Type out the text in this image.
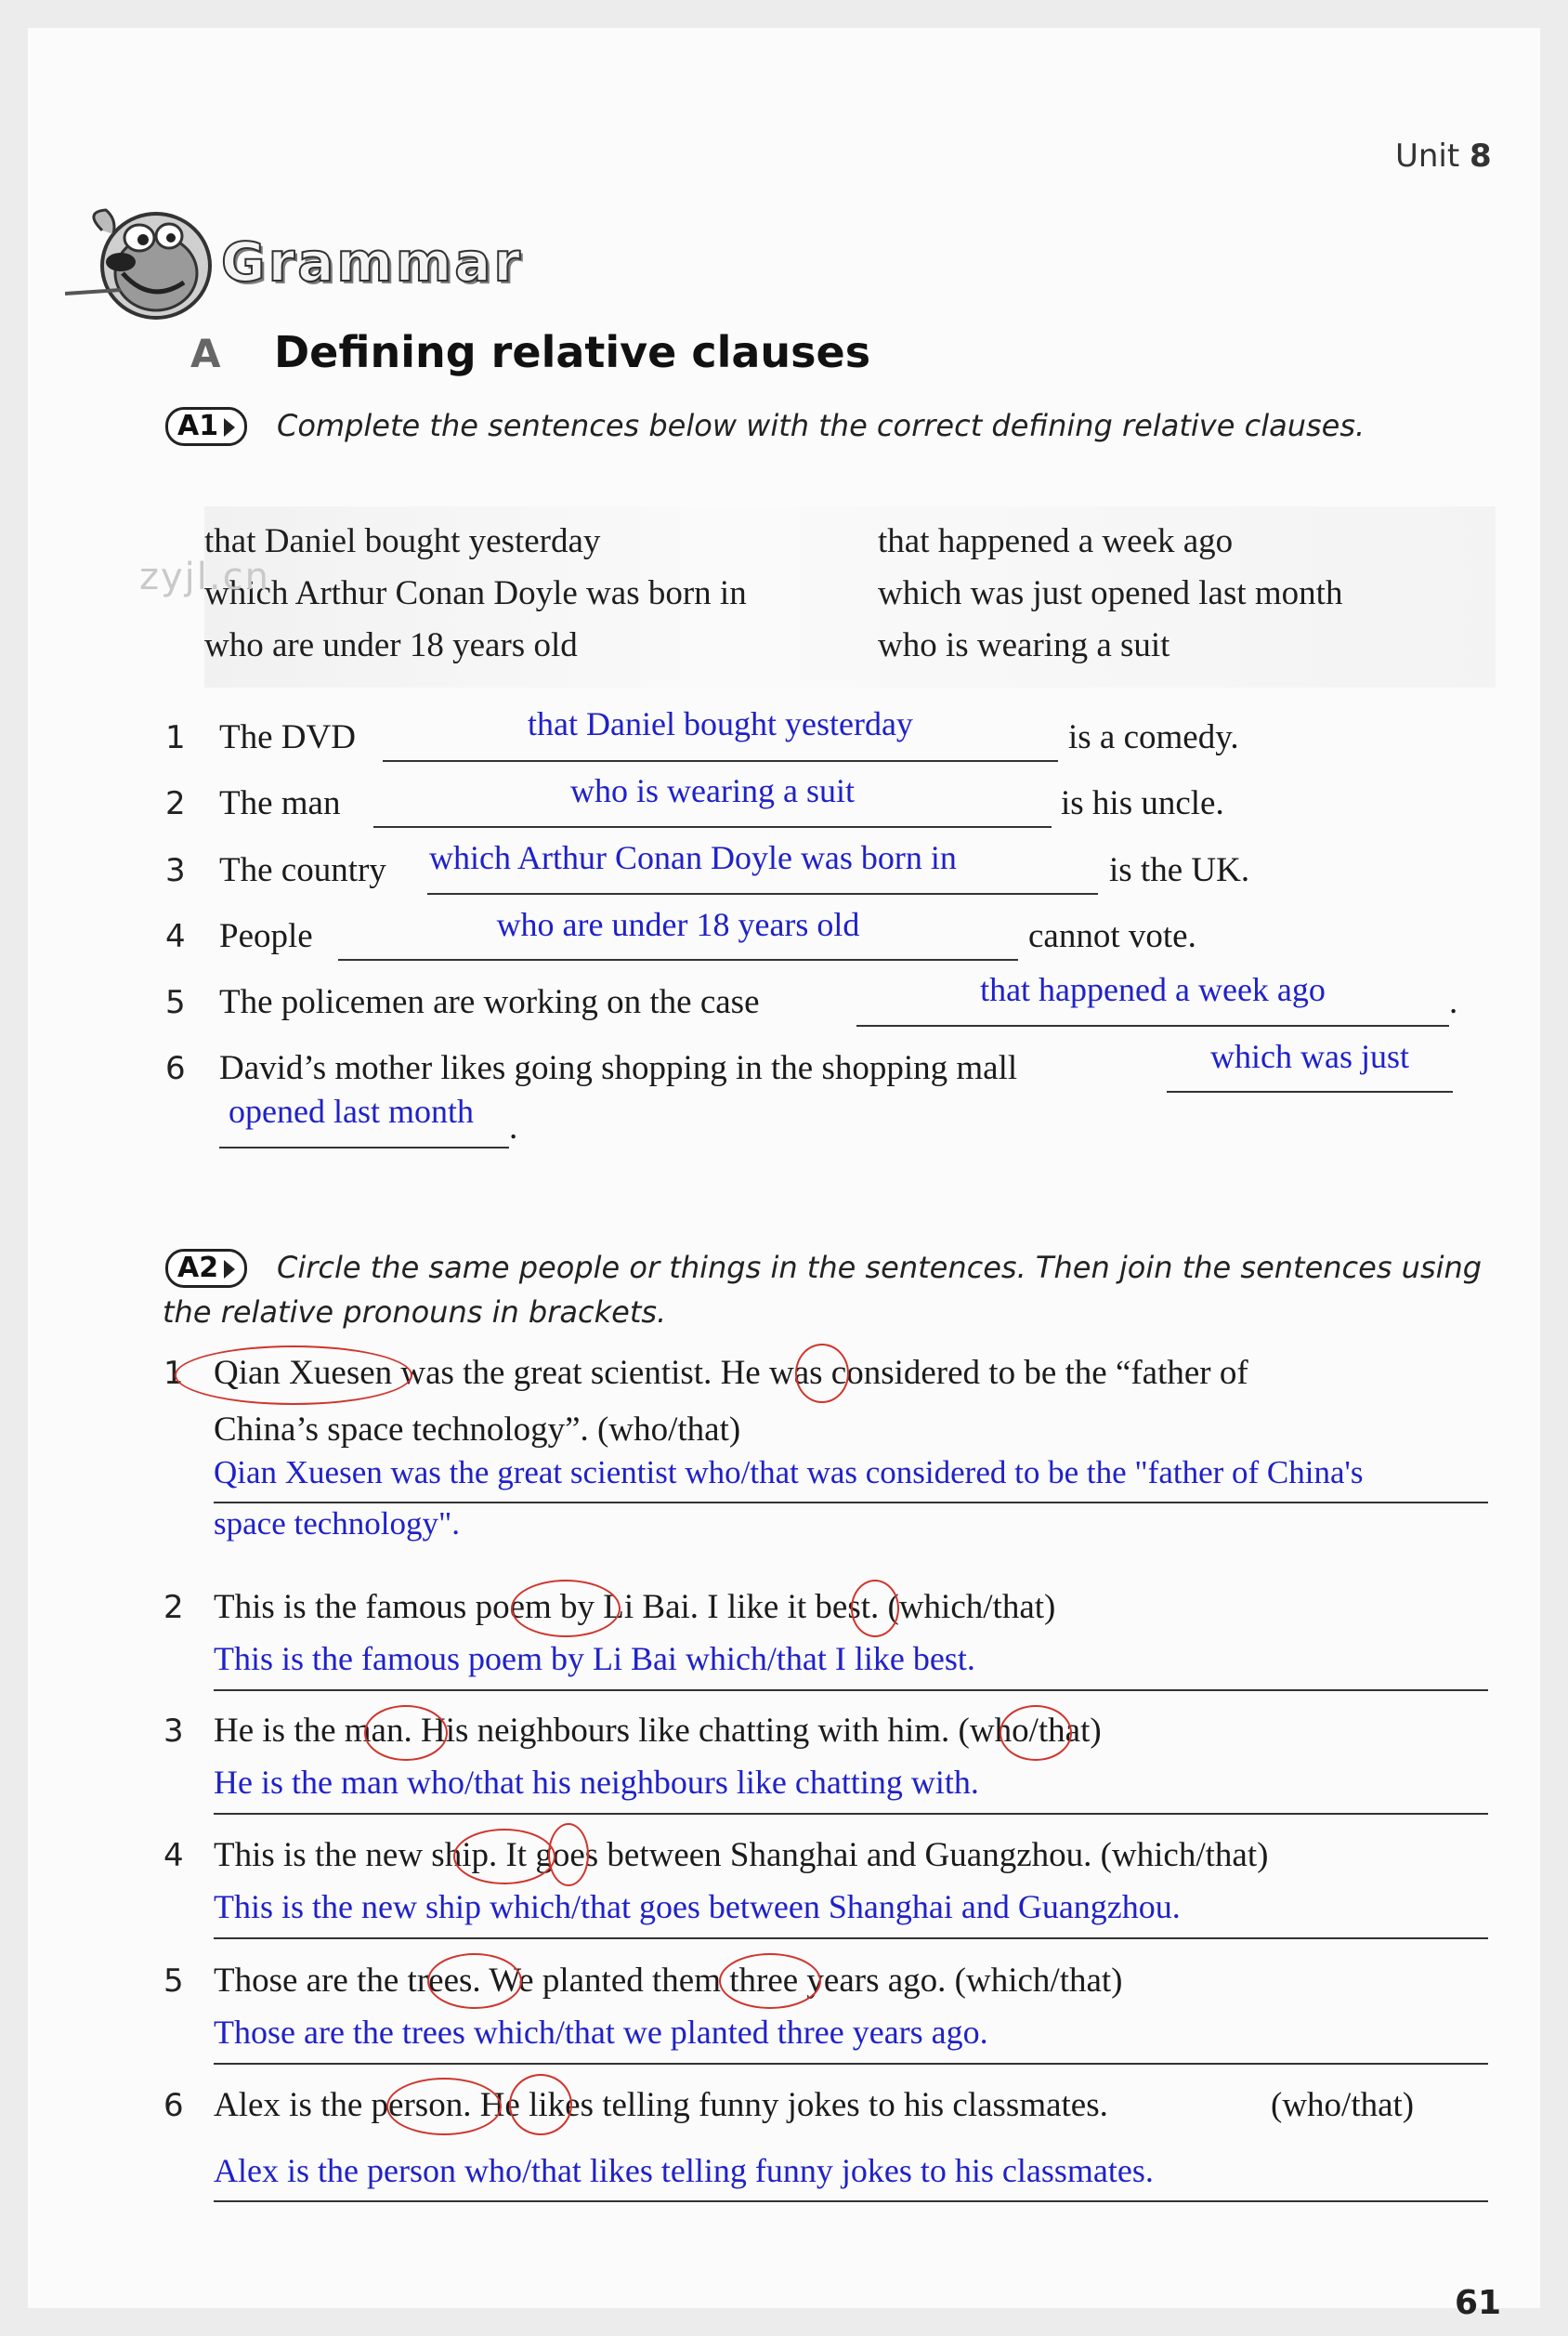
Unit 8
Grammar
A Defining relative clauses
A1	Complete the sentences below with the correct defining relative clauses.
that Daniel bought yesterday
which Arthur Conan Doyle was born in
who are under 18 years old
that happened a week ago
which was just opened last month
who is wearing a suit
zyjl.cn
1 The DVD	that Daniel bought yesterday	is a comedy.
2 The man	who is wearing a suit	is his uncle.
3 The country which Arthur Conan Doyle was born in	is the UK.
4 People	who are under 18 years old	cannot vote.
5 The policemen are working on the case	that happened a week ago	.
6 David’s mother likes going shopping in the shopping mall	which was just
opened last month .
A2	Circle the same people or things in the sentences. Then join the sentences using
the relative pronouns in brackets.
1 Qian Xuesen was the great scientist. He was considered to be the “father of
China’s space technology”. (who/that)
Qian Xuesen was the great scientist who/that was considered to be the "father of China's
space technology".
2 This is the famous poem by Li Bai. I like it best. (which/that)
This is the famous poem by Li Bai which/that I like best.
3 He is the man. His neighbours like chatting with him. (who/that)
He is the man who/that his neighbours like chatting with.
4 This is the new ship. It goes between Shanghai and Guangzhou. (which/that)
This is the new ship which/that goes between Shanghai and Guangzhou.
5 Those are the trees. We planted them three years ago. (which/that)
Those are the trees which/that we planted three years ago.
6 Alex is the person. He likes telling funny jokes to his classmates.	(who/that)
Alex is the person who/that likes telling funny jokes to his classmates.
61
